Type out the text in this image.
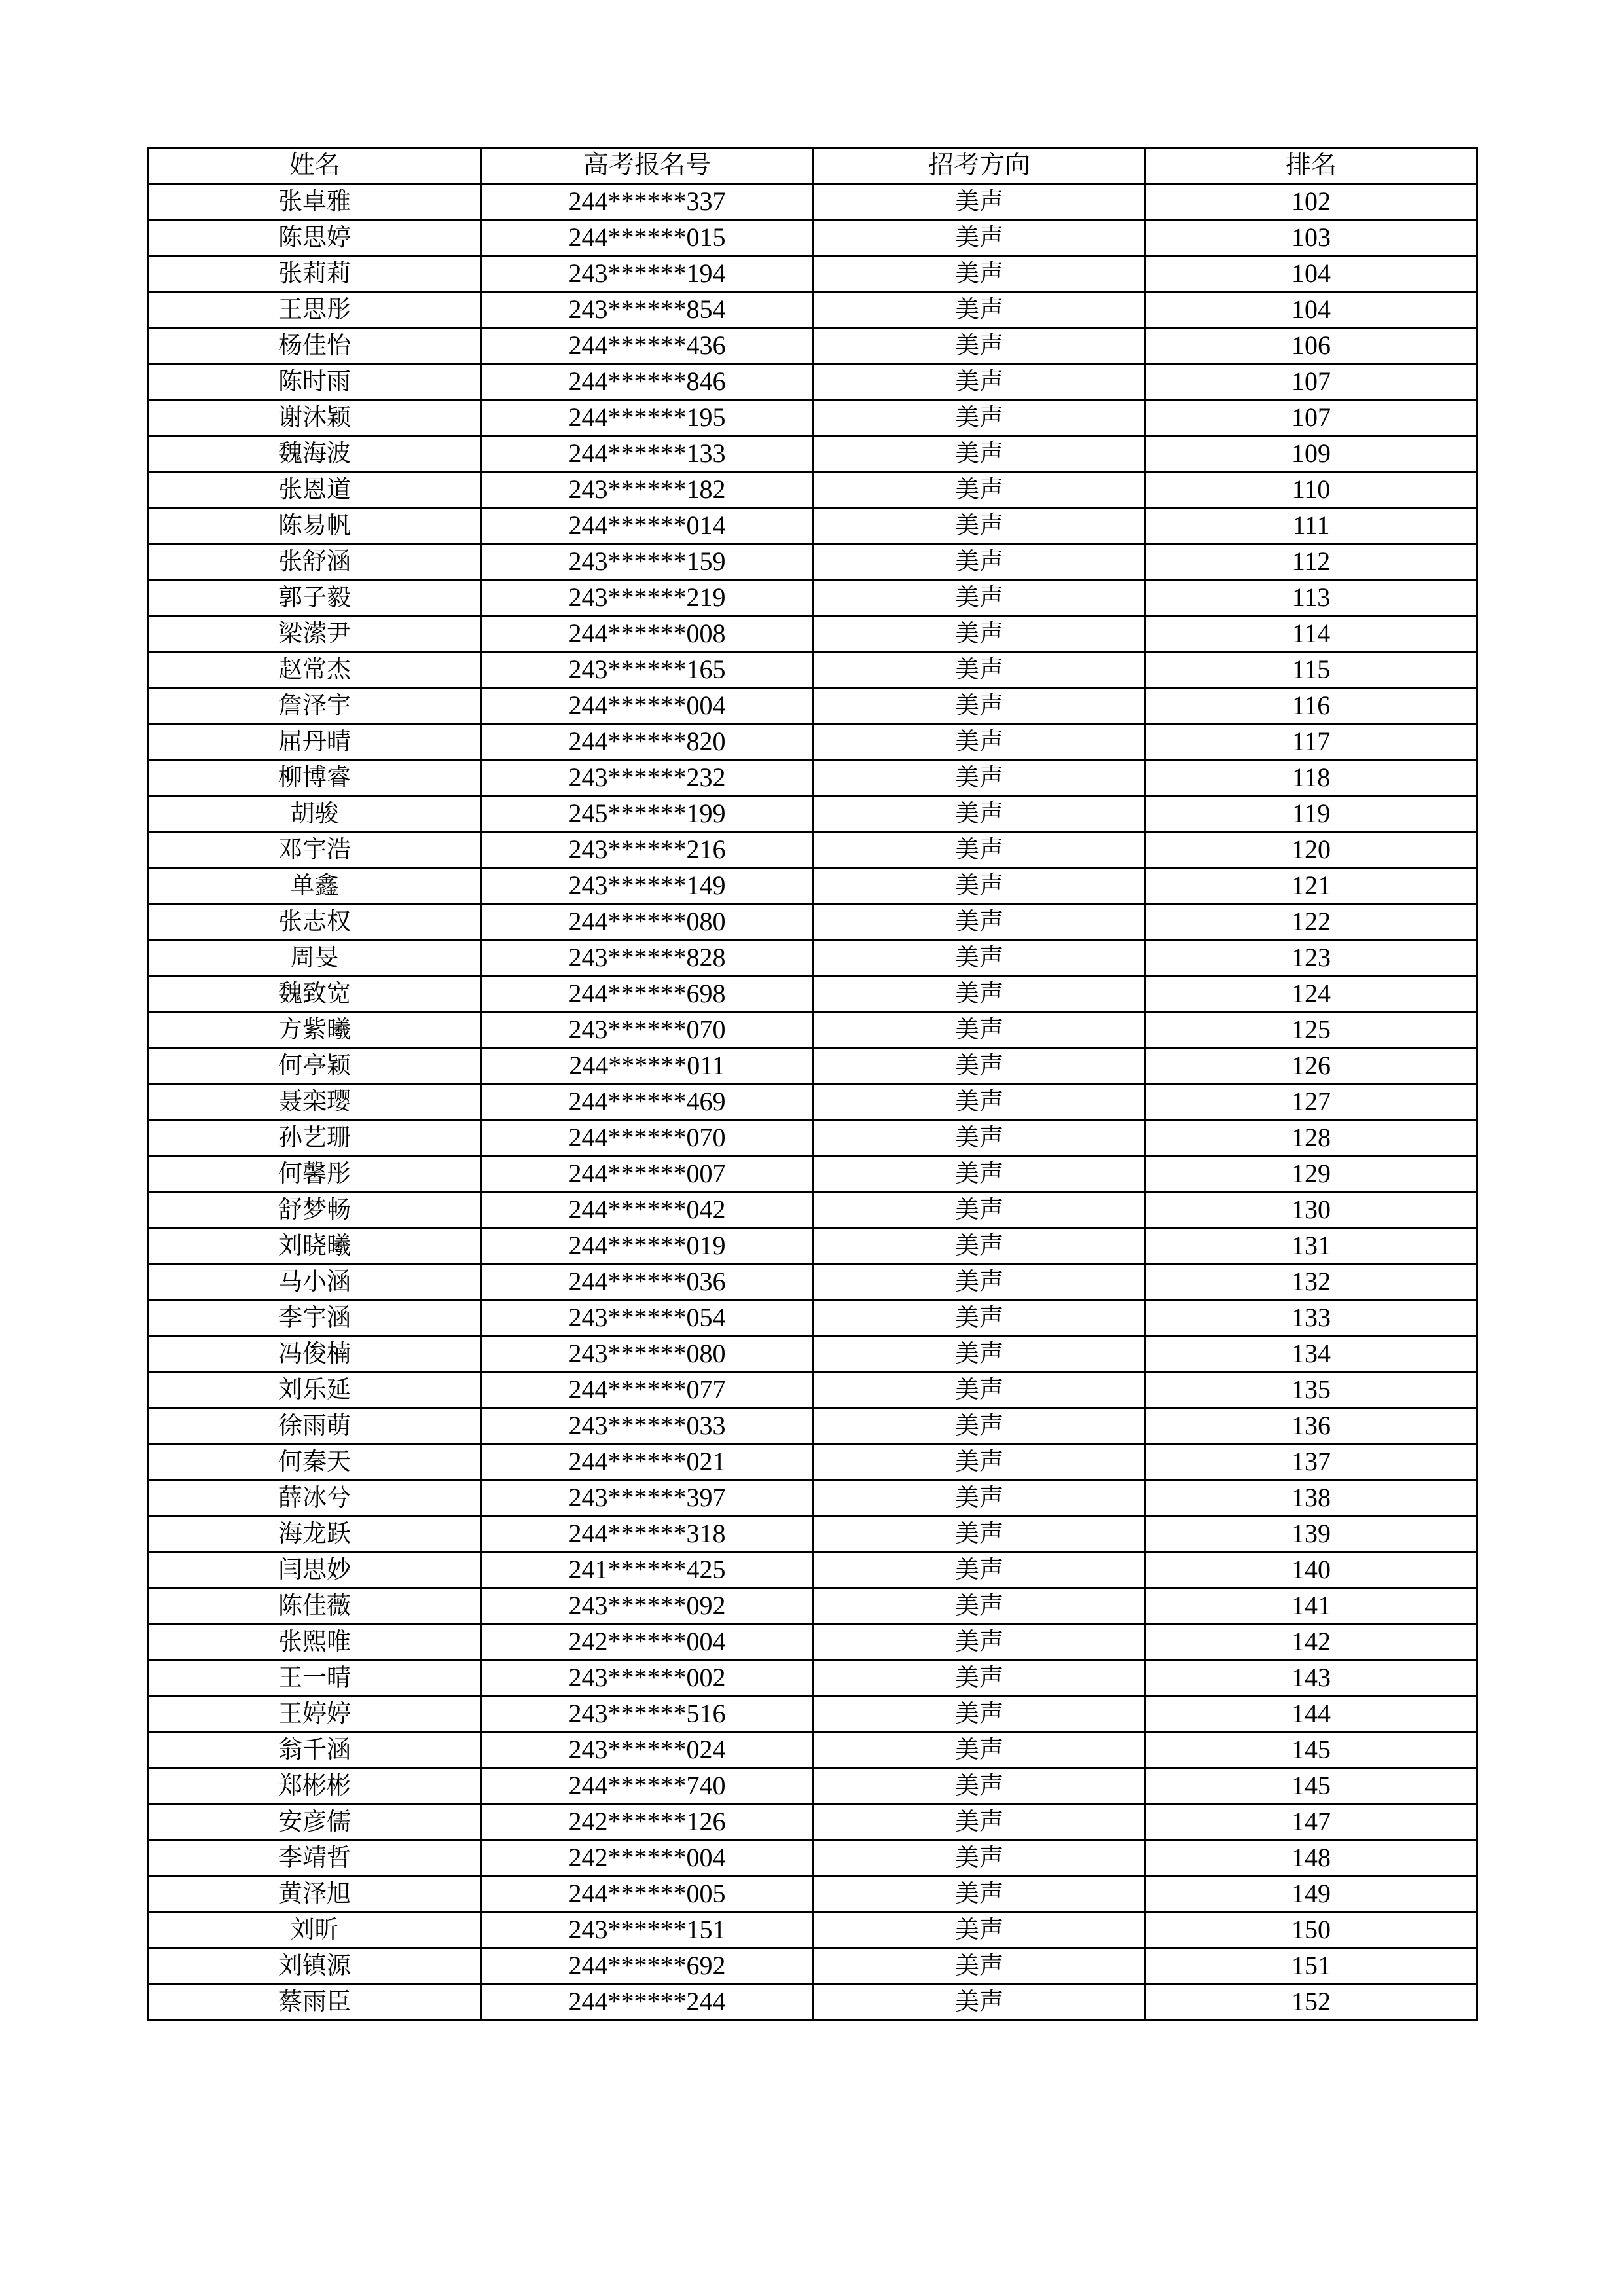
姓名	高考报名号	招考方向	排名
张卓雅	244******337	美声	102
陈思婷	244******015	美声	103
张莉莉	243******194	美声	104
王思彤	243******854	美声	104
杨佳怡	244******436	美声	106
陈时雨	244******846	美声	107
谢沐颖	244******195	美声	107
魏海波	244******133	美声	109
张恩道	243******182	美声	110
陈易帆	244******014	美声	111
张舒涵	243******159	美声	112
郭子毅	243******219	美声	113
梁潆尹	244******008	美声	114
赵常杰	243******165	美声	115
詹泽宇	244******004	美声	116
屈丹晴	244******820	美声	117
柳博睿	243******232	美声	118
胡骏	245******199	美声	119
邓宇浩	243******216	美声	120
单鑫	243******149	美声	121
张志权	244******080	美声	122
周旻	243******828	美声	123
魏致宽	244******698	美声	124
方紫曦	243******070	美声	125
何亭颖	244******011	美声	126
聂栾璎	244******469	美声	127
孙艺珊	244******070	美声	128
何馨彤	244******007	美声	129
舒梦畅	244******042	美声	130
刘晓曦	244******019	美声	131
马小涵	244******036	美声	132
李宇涵	243******054	美声	133
冯俊楠	243******080	美声	134
刘乐延	244******077	美声	135
徐雨萌	243******033	美声	136
何秦天	244******021	美声	137
薛冰兮	243******397	美声	138
海龙跃	244******318	美声	139
闫思妙	241******425	美声	140
陈佳薇	243******092	美声	141
张熙唯	242******004	美声	142
王一晴	243******002	美声	143
王婷婷	243******516	美声	144
翁千涵	243******024	美声	145
郑彬彬	244******740	美声	145
安彦儒	242******126	美声	147
李靖哲	242******004	美声	148
黄泽旭	244******005	美声	149
刘昕	243******151	美声	150
刘镇源	244******692	美声	151
蔡雨臣	244******244	美声	152
